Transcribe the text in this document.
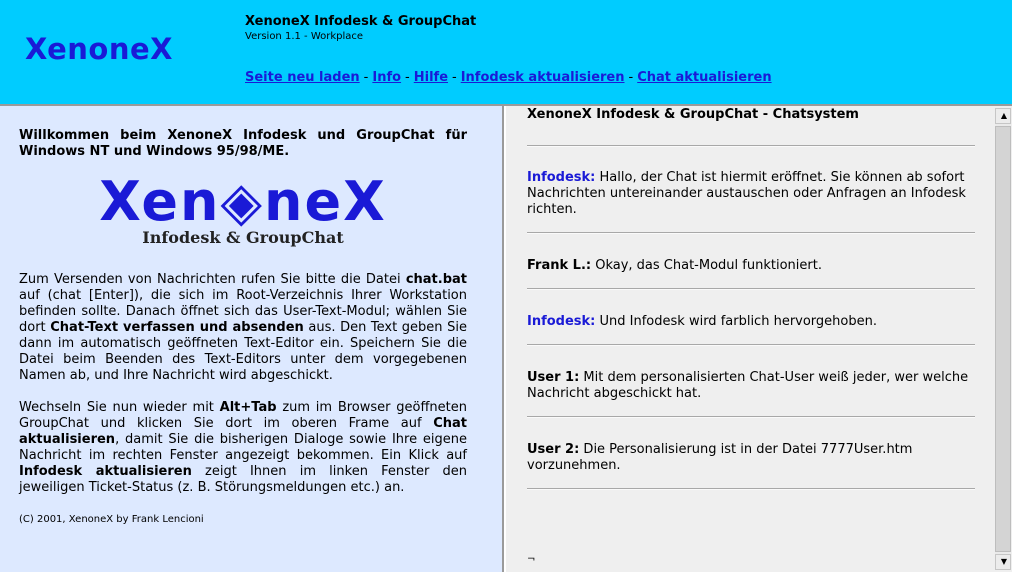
XenoneX
XenoneX Infodesk & GroupChat
Version 1.1 - Workplace
Seite neu laden - Info - Hilfe - Infodesk aktualisieren - Chat aktualisieren
Willkommen beim XenoneX Infodesk und GroupChat für Windows NT und Windows 95/98/ME.
Xen◈neX
Infodesk & GroupChat

Zum Versenden von Nachrichten rufen Sie bitte die Datei chat.bat auf (chat [Enter]), die sich im Root-Verzeichnis Ihrer Workstation befinden sollte. Danach öffnet sich das User-Text-Modul; wählen Sie dort Chat-Text verfassen und absenden aus. Den Text geben Sie dann im automatisch geöffneten Text-Editor ein. Speichern Sie die Datei beim Beenden des Text-Editors unter dem vorgegebenen Namen ab, und Ihre Nachricht wird abgeschickt.

Wechseln Sie nun wieder mit Alt+Tab zum im Browser geöffneten GroupChat und klicken Sie dort im oberen Frame auf Chat aktualisieren, damit Sie die bisherigen Dialoge sowie Ihre eigene Nachricht im rechten Fenster angezeigt bekommen. Ein Klick auf Infodesk aktualisieren zeigt Ihnen im linken Fenster den jeweiligen Ticket-Status (z. B. Störungsmeldungen etc.) an.

(C) 2001, XenoneX by Frank Lencioni
XenoneX Infodesk & GroupChat - Chatsystem

Infodesk: Hallo, der Chat ist hiermit eröffnet. Sie können ab sofort Nachrichten untereinander austauschen oder Anfragen an Infodesk richten.

Frank L.: Okay, das Chat-Modul funktioniert.

Infodesk: Und Infodesk wird farblich hervorgehoben.

User 1: Mit dem personalisierten Chat-User weiß jeder, wer welche Nachricht abgeschickt hat.

User 2: Die Personalisierung ist in der Datei 7777User.htm vorzunehmen.

¬
▲
▼
